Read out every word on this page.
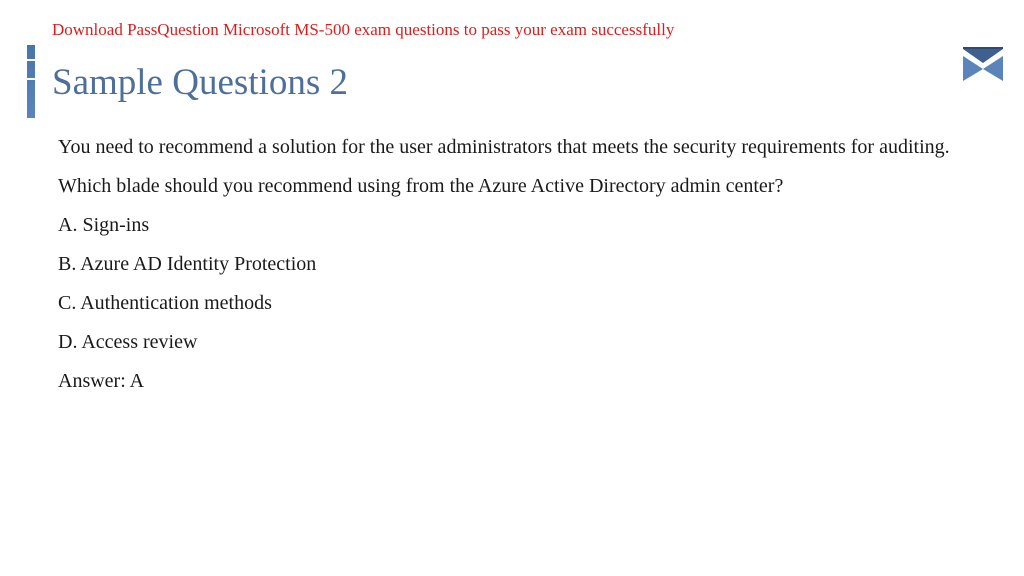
Download PassQuestion Microsoft MS-500 exam questions to pass your exam successfully
Sample Questions 2

You need to recommend a solution for the user administrators that meets the security requirements for auditing.

Which blade should you recommend using from the Azure Active Directory admin center?

A. Sign-ins

B. Azure AD Identity Protection

C. Authentication methods

D. Access review

Answer: A
